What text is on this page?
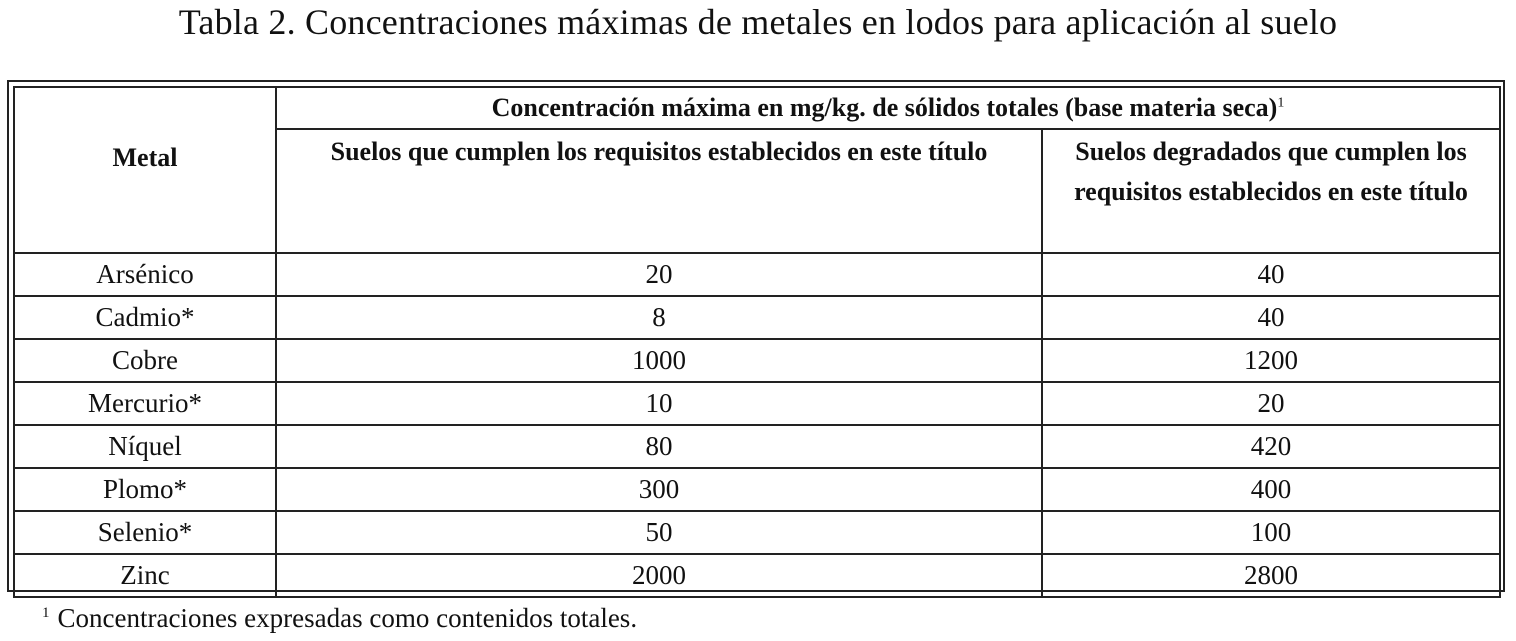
Tabla 2. Concentraciones máximas de metales en lodos para aplicación al suelo
Metal	Concentración máxima en mg/kg. de sólidos totales (base materia seca)$^1$
	Suelos que cumplen los requisitos establecidos en este título	Suelos degradados que cumplen los requisitos establecidos en este título
Arsénico	20	40
Cadmio*	8	40
Cobre	1000	1200
Mercurio*	10	20
Níquel	80	420
Plomo*	300	400
Selenio*	50	100
Zinc	2000	2800
$^1$ Concentraciones expresadas como contenidos totales.
